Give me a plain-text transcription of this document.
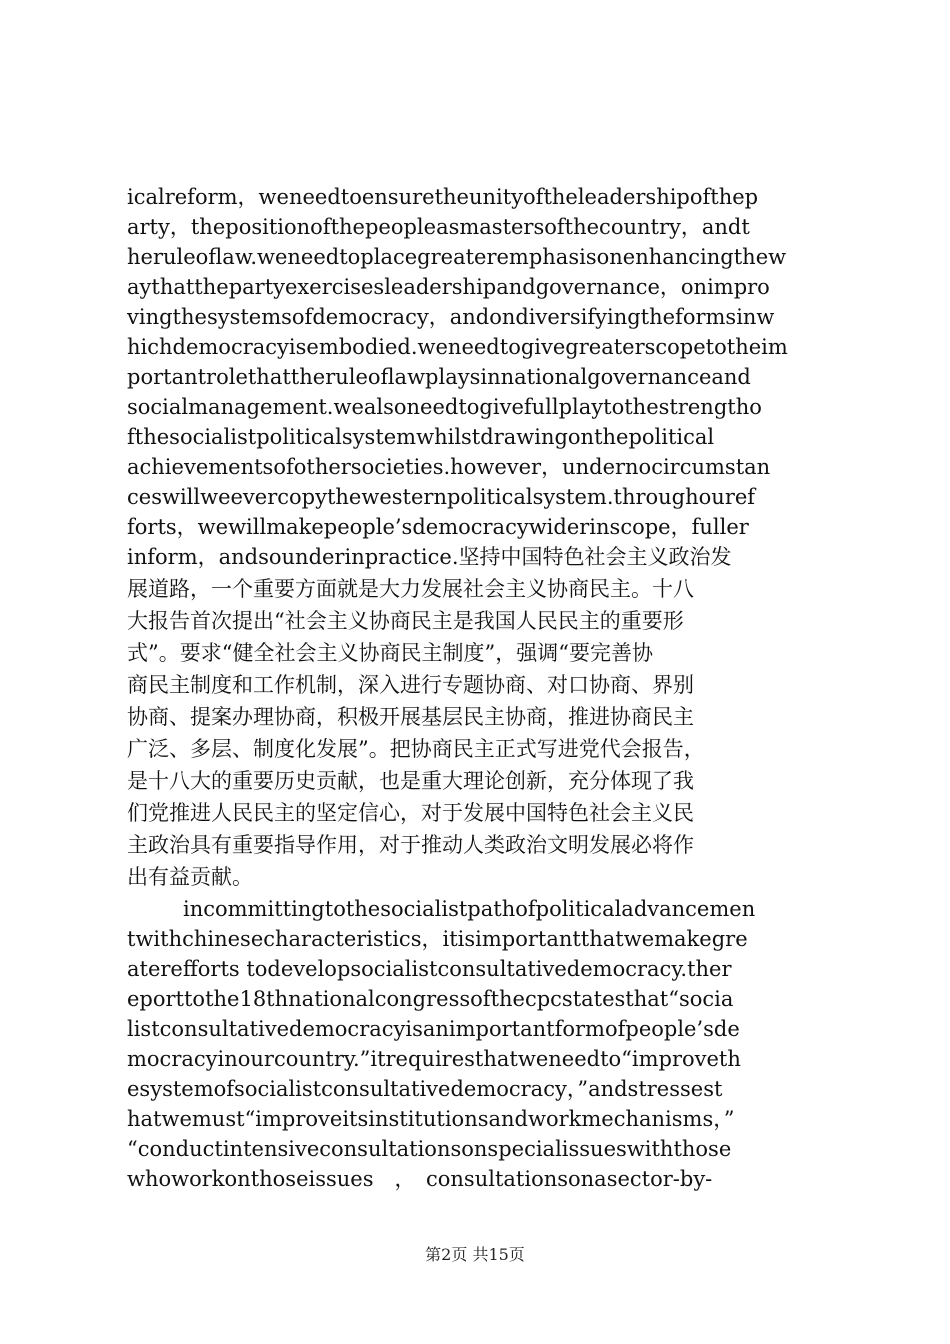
icalreform，weneedtoensuretheunityoftheleadershipofthep
arty，thepositionofthepeopleasmastersofthecountry，andt
heruleoflaw.weneedtoplacegreateremphasisonenhancingthew
aythatthepartyexercisesleadershipandgovernance，onimpro
vingthesystemsofdemocracy，andondiversifyingtheformsinw
hichdemocracyisembodied.weneedtogivegreaterscopetotheim
portantrolethattheruleoflawplaysinnationalgovernanceand
socialmanagement.wealsoneedtogivefullplaytothestrengtho
fthesocialistpoliticalsystemwhilstdrawingonthepolitical
achievementsofothersocieties.however，undernocircumstan
ceswillweevercopythewesternpoliticalsystem.throughouref
forts，wewillmakepeople’sdemocracywiderinscope，fuller
inform，andsounderinpractice.坚持中国特色社会主义政治发
展道路，一个重要方面就是大力发展社会主义协商民主。十八
大报告首次提出“社会主义协商民主是我国人民民主的重要形
式”。要求“健全社会主义协商民主制度”，强调“要完善协
商民主制度和工作机制，深入进行专题协商、对口协商、界别
协商、提案办理协商，积极开展基层民主协商，推进协商民主
广泛、多层、制度化发展”。把协商民主正式写进党代会报告，
是十八大的重要历史贡献，也是重大理论创新，充分体现了我
们党推进人民民主的坚定信心，对于发展中国特色社会主义民
主政治具有重要指导作用，对于推动人类政治文明发展必将作
出有益贡献。
incommittingtothesocialistpathofpoliticaladvancemen
twithchinesecharacteristics，itisimportantthatwemakegre
aterefforts todevelopsocialistconsultativedemocracy.ther
eporttothe18thnationalcongressofthecpcstatesthat“socia
listconsultativedemocracyisanimportantformofpeople’sde
mocracyinourcountry.”itrequiresthatweneedto“improveth
esystemofsocialistconsultativedemocracy，”andstressest
hatwemust“improveitsinstitutionsandworkmechanisms，”
“conductintensiveconsultationsonspecialissueswiththose
whoworkonthoseissues　，　consultationsonasector-by-
第2页 共15页
